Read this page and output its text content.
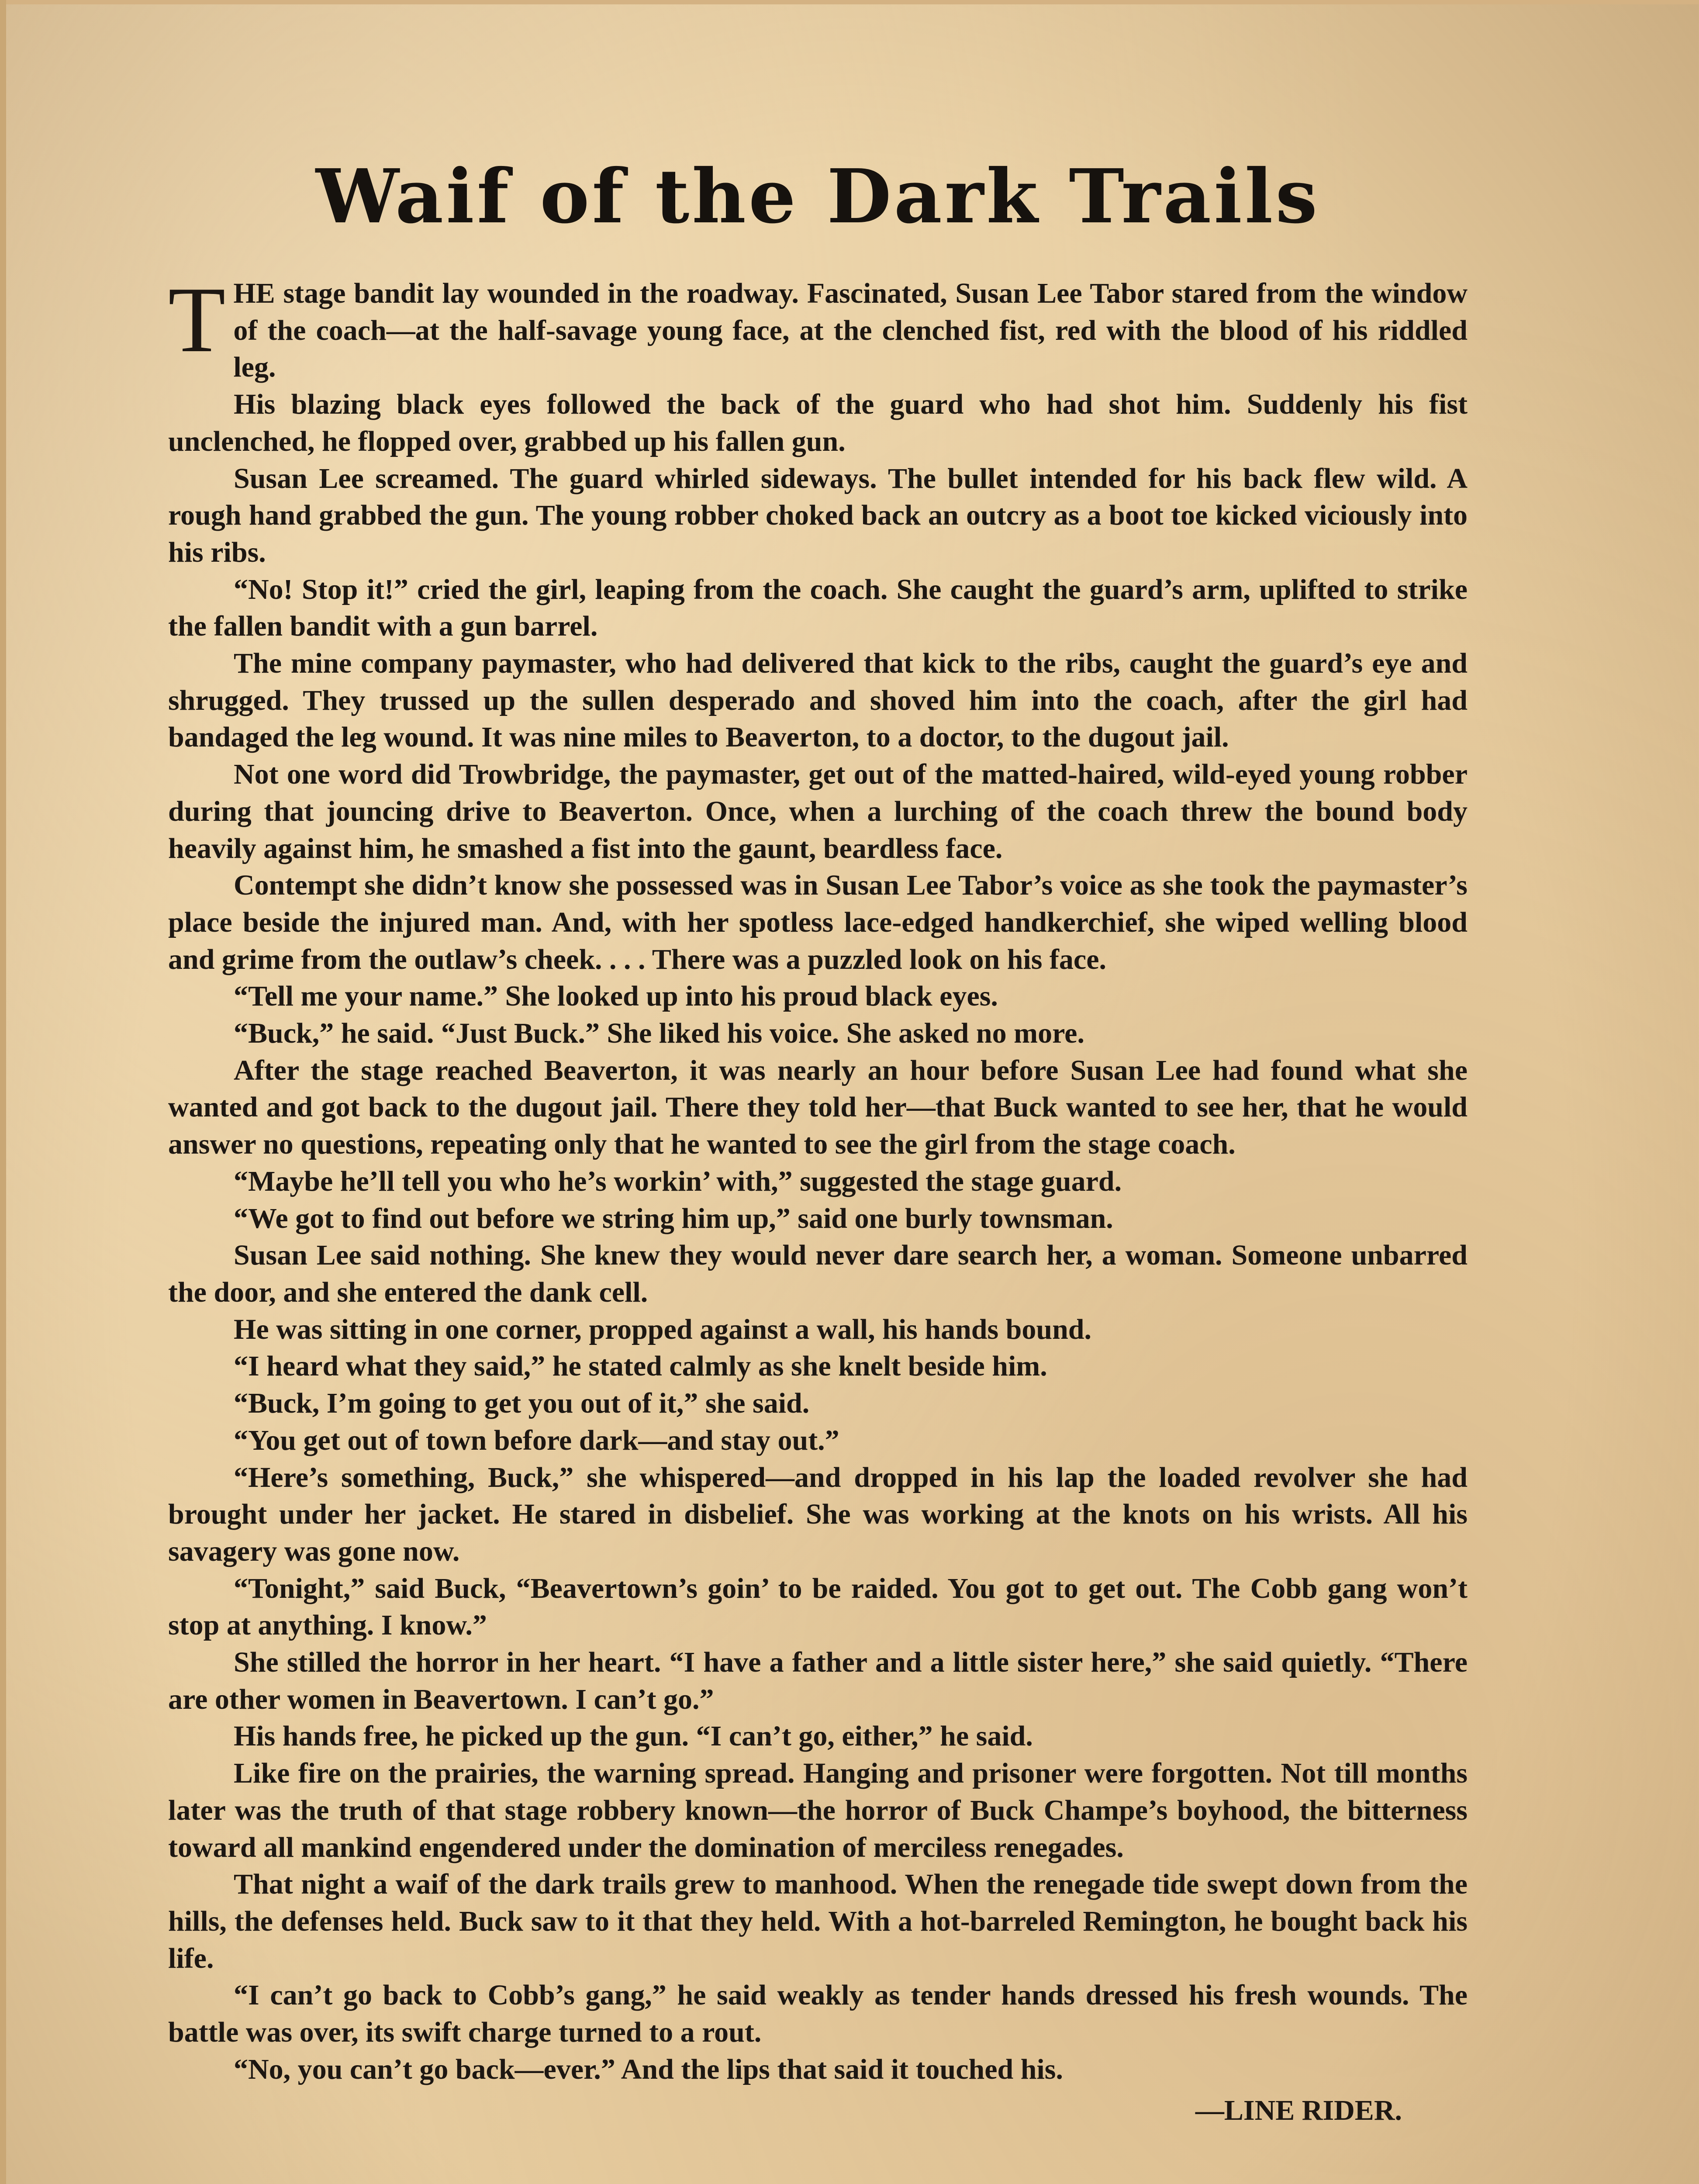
Waif of the Dark Trails

THE stage bandit lay wounded in the roadway. Fascinated, Susan Lee Tabor stared from the window of the coach—at the half-savage young face, at the clenched fist, red with the blood of his riddled leg.

His blazing black eyes followed the back of the guard who had shot him. Suddenly his fist unclenched, he flopped over, grabbed up his fallen gun.

Susan Lee screamed. The guard whirled sideways. The bullet intended for his back flew wild. A rough hand grabbed the gun. The young robber choked back an outcry as a boot toe kicked viciously into his ribs.

“No! Stop it!” cried the girl, leaping from the coach. She caught the guard’s arm, uplifted to strike the fallen bandit with a gun barrel.

The mine company paymaster, who had delivered that kick to the ribs, caught the guard’s eye and shrugged. They trussed up the sullen desperado and shoved him into the coach, after the girl had bandaged the leg wound. It was nine miles to Beaverton, to a doctor, to the dugout jail.

Not one word did Trowbridge, the paymaster, get out of the matted-haired, wild-eyed young robber during that jouncing drive to Beaverton. Once, when a lurching of the coach threw the bound body heavily against him, he smashed a fist into the gaunt, beardless face.

Contempt she didn’t know she possessed was in Susan Lee Tabor’s voice as she took the paymaster’s place beside the injured man. And, with her spotless lace-edged handkerchief, she wiped welling blood and grime from the outlaw’s cheek. . . . There was a puzzled look on his face.

“Tell me your name.” She looked up into his proud black eyes.

“Buck,” he said. “Just Buck.” She liked his voice. She asked no more.

After the stage reached Beaverton, it was nearly an hour before Susan Lee had found what she wanted and got back to the dugout jail. There they told her—that Buck wanted to see her, that he would answer no questions, repeating only that he wanted to see the girl from the stage coach.

“Maybe he’ll tell you who he’s workin’ with,” suggested the stage guard.

“We got to find out before we string him up,” said one burly townsman.

Susan Lee said nothing. She knew they would never dare search her, a woman. Someone unbarred the door, and she entered the dank cell.

He was sitting in one corner, propped against a wall, his hands bound.

“I heard what they said,” he stated calmly as she knelt beside him.

“Buck, I’m going to get you out of it,” she said.

“You get out of town before dark—and stay out.”

“Here’s something, Buck,” she whispered—and dropped in his lap the loaded revolver she had brought under her jacket. He stared in disbelief. She was working at the knots on his wrists. All his savagery was gone now.

“Tonight,” said Buck, “Beavertown’s goin’ to be raided. You got to get out. The Cobb gang won’t stop at anything. I know.”

She stilled the horror in her heart. “I have a father and a little sister here,” she said quietly. “There are other women in Beavertown. I can’t go.”

His hands free, he picked up the gun. “I can’t go, either,” he said.

Like fire on the prairies, the warning spread. Hanging and prisoner were forgotten. Not till months later was the truth of that stage robbery known—the horror of Buck Champe’s boyhood, the bitterness toward all mankind engendered under the domination of merciless renegades.

That night a waif of the dark trails grew to manhood. When the renegade tide swept down from the hills, the defenses held. Buck saw to it that they held. With a hot-barreled Remington, he bought back his life.

“I can’t go back to Cobb’s gang,” he said weakly as tender hands dressed his fresh wounds. The battle was over, its swift charge turned to a rout.

“No, you can’t go back—ever.” And the lips that said it touched his.

—LINE RIDER.
